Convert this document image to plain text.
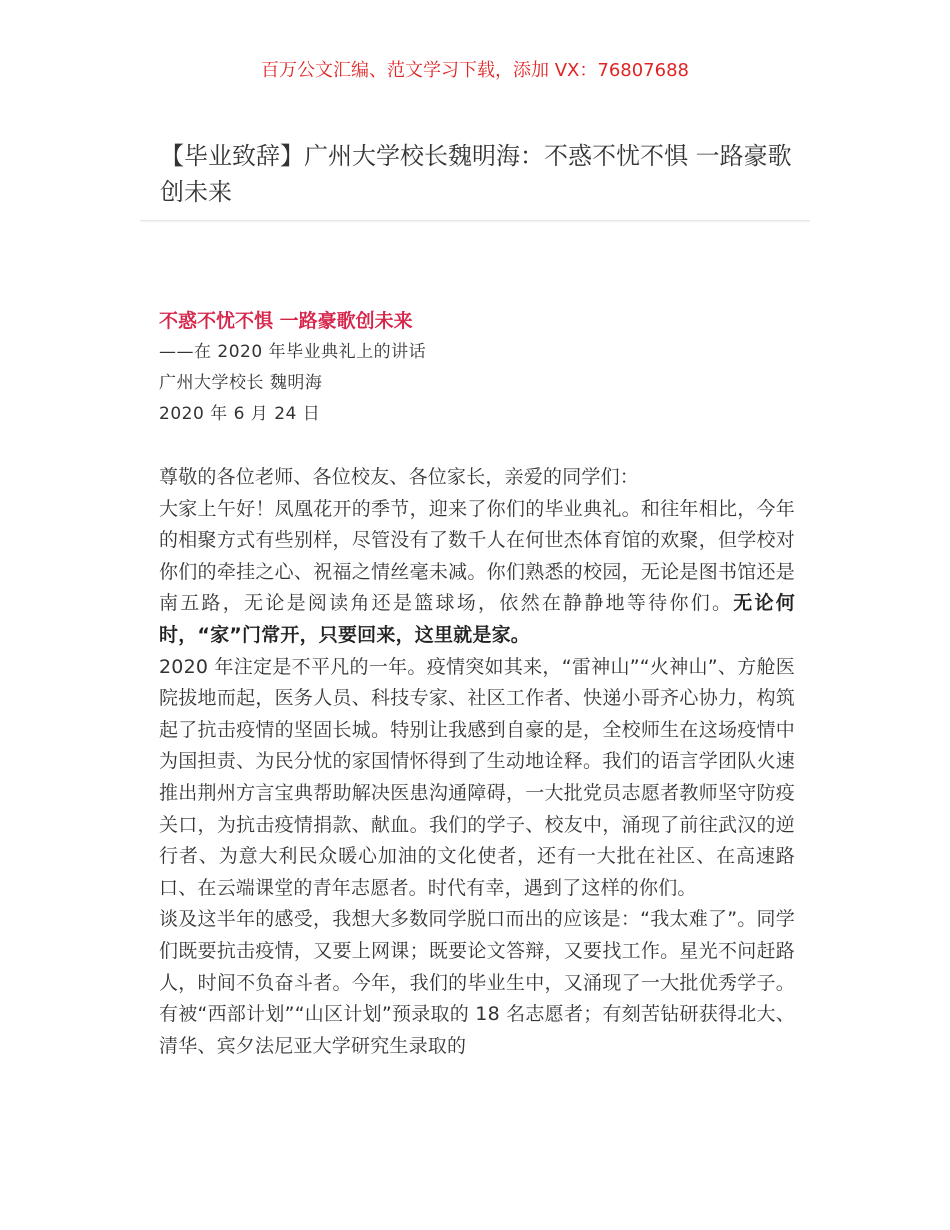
百万公文汇编、范文学习下载，添加 VX：76807688
【毕业致辞】广州大学校长魏明海：不惑不忧不惧 一路豪歌创未来

不惑不忧不惧 一路豪歌创未来

——在 2020 年毕业典礼上的讲话

广州大学校长 魏明海

2020 年 6 月 24 日

尊敬的各位老师、各位校友、各位家长，亲爱的同学们：

大家上午好！凤凰花开的季节，迎来了你们的毕业典礼。和往年相比，今年的相聚方式有些别样，尽管没有了数千人在何世杰体育馆的欢聚，但学校对你们的牵挂之心、祝福之情丝毫未减。你们熟悉的校园，无论是图书馆还是南五路，无论是阅读角还是篮球场，依然在静静地等待你们。无论何时，“家”门常开，只要回来，这里就是家。

2020 年注定是不平凡的一年。疫情突如其来，“雷神山”“火神山”、方舱医院拔地而起，医务人员、科技专家、社区工作者、快递小哥齐心协力，构筑起了抗击疫情的坚固长城。特别让我感到自豪的是，全校师生在这场疫情中为国担责、为民分忧的家国情怀得到了生动地诠释。我们的语言学团队火速推出荆州方言宝典帮助解决医患沟通障碍，一大批党员志愿者教师坚守防疫关口，为抗击疫情捐款、献血。我们的学子、校友中，涌现了前往武汉的逆行者、为意大利民众暖心加油的文化使者，还有一大批在社区、在高速路口、在云端课堂的青年志愿者。时代有幸，遇到了这样的你们。

谈及这半年的感受，我想大多数同学脱口而出的应该是：“我太难了”。同学们既要抗击疫情，又要上网课；既要论文答辩，又要找工作。星光不问赶路人，时间不负奋斗者。今年，我们的毕业生中，又涌现了一大批优秀学子。有被“西部计划”“山区计划”预录取的 18 名志愿者；有刻苦钻研获得北大、清华、宾夕法尼亚大学研究生录取的
